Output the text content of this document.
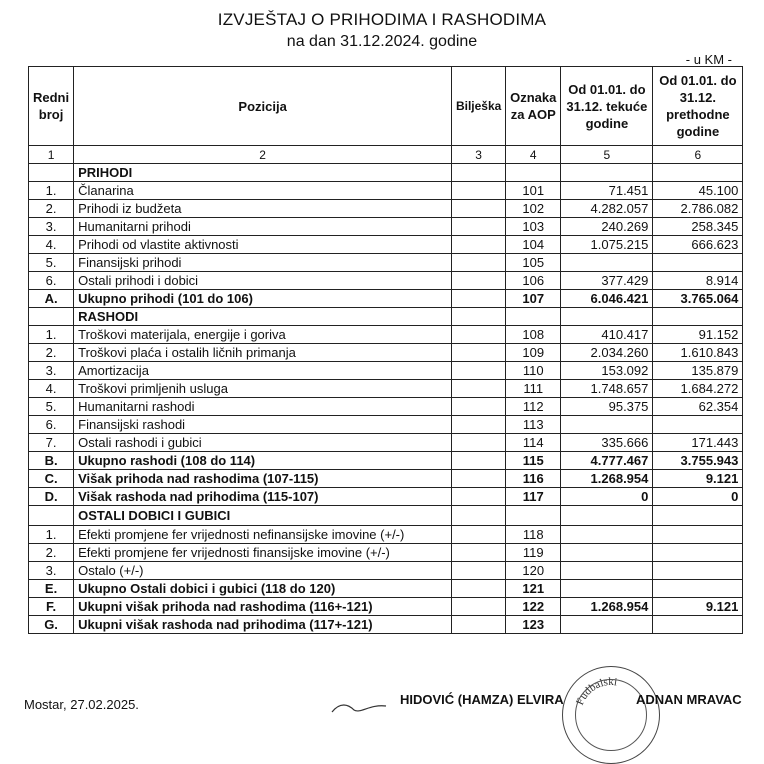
IZVJEŠTAJ O PRIHODIMA I RASHODIMA
na dan 31.12.2024. godine
- u KM -
Redni broj	Pozicija	Bilješka	Oznaka za AOP	Od 01.01. do 31.12. tekuće godine	Od 01.01. do 31.12. prethodne godine
1	2	3	4	5	6
	PRIHODI				
1.	Članarina		101	71.451	45.100
2.	Prihodi iz budžeta		102	4.282.057	2.786.082
3.	Humanitarni prihodi		103	240.269	258.345
4.	Prihodi od vlastite aktivnosti		104	1.075.215	666.623
5.	Finansijski prihodi		105		
6.	Ostali prihodi i dobici		106	377.429	8.914
A.	Ukupno prihodi (101 do 106)		107	6.046.421	3.765.064
	RASHODI				
1.	Troškovi materijala, energije i goriva		108	410.417	91.152
2.	Troškovi plaća i ostalih ličnih primanja		109	2.034.260	1.610.843
3.	Amortizacija		110	153.092	135.879
4.	Troškovi primljenih usluga		111	1.748.657	1.684.272
5.	Humanitarni rashodi		112	95.375	62.354
6.	Finansijski rashodi		113		
7.	Ostali rashodi i gubici		114	335.666	171.443
B.	Ukupno rashodi (108 do 114)		115	4.777.467	3.755.943
C.	Višak prihoda nad rashodima (107-115)		116	1.268.954	9.121
D.	Višak rashoda nad prihodima (115-107)		117	0	0
	OSTALI DOBICI I GUBICI				
1.	Efekti promjene fer vrijednosti nefinansijske imovine (+/-)		118		
2.	Efekti promjene fer vrijednosti finansijske imovine (+/-)		119		
3.	Ostalo (+/-)		120		
E.	Ukupno Ostali dobici i gubici (118 do 120)		121		
F.	Ukupni višak prihoda nad rashodima (116+-121)		122	1.268.954	9.121
G.	Ukupni višak rashoda nad prihodima (117+-121)		123		
Mostar, 27.02.2025.	HIDOVIĆ (HAMZA) ELVIRA Fudbalski
ADNAN MRAVAC
